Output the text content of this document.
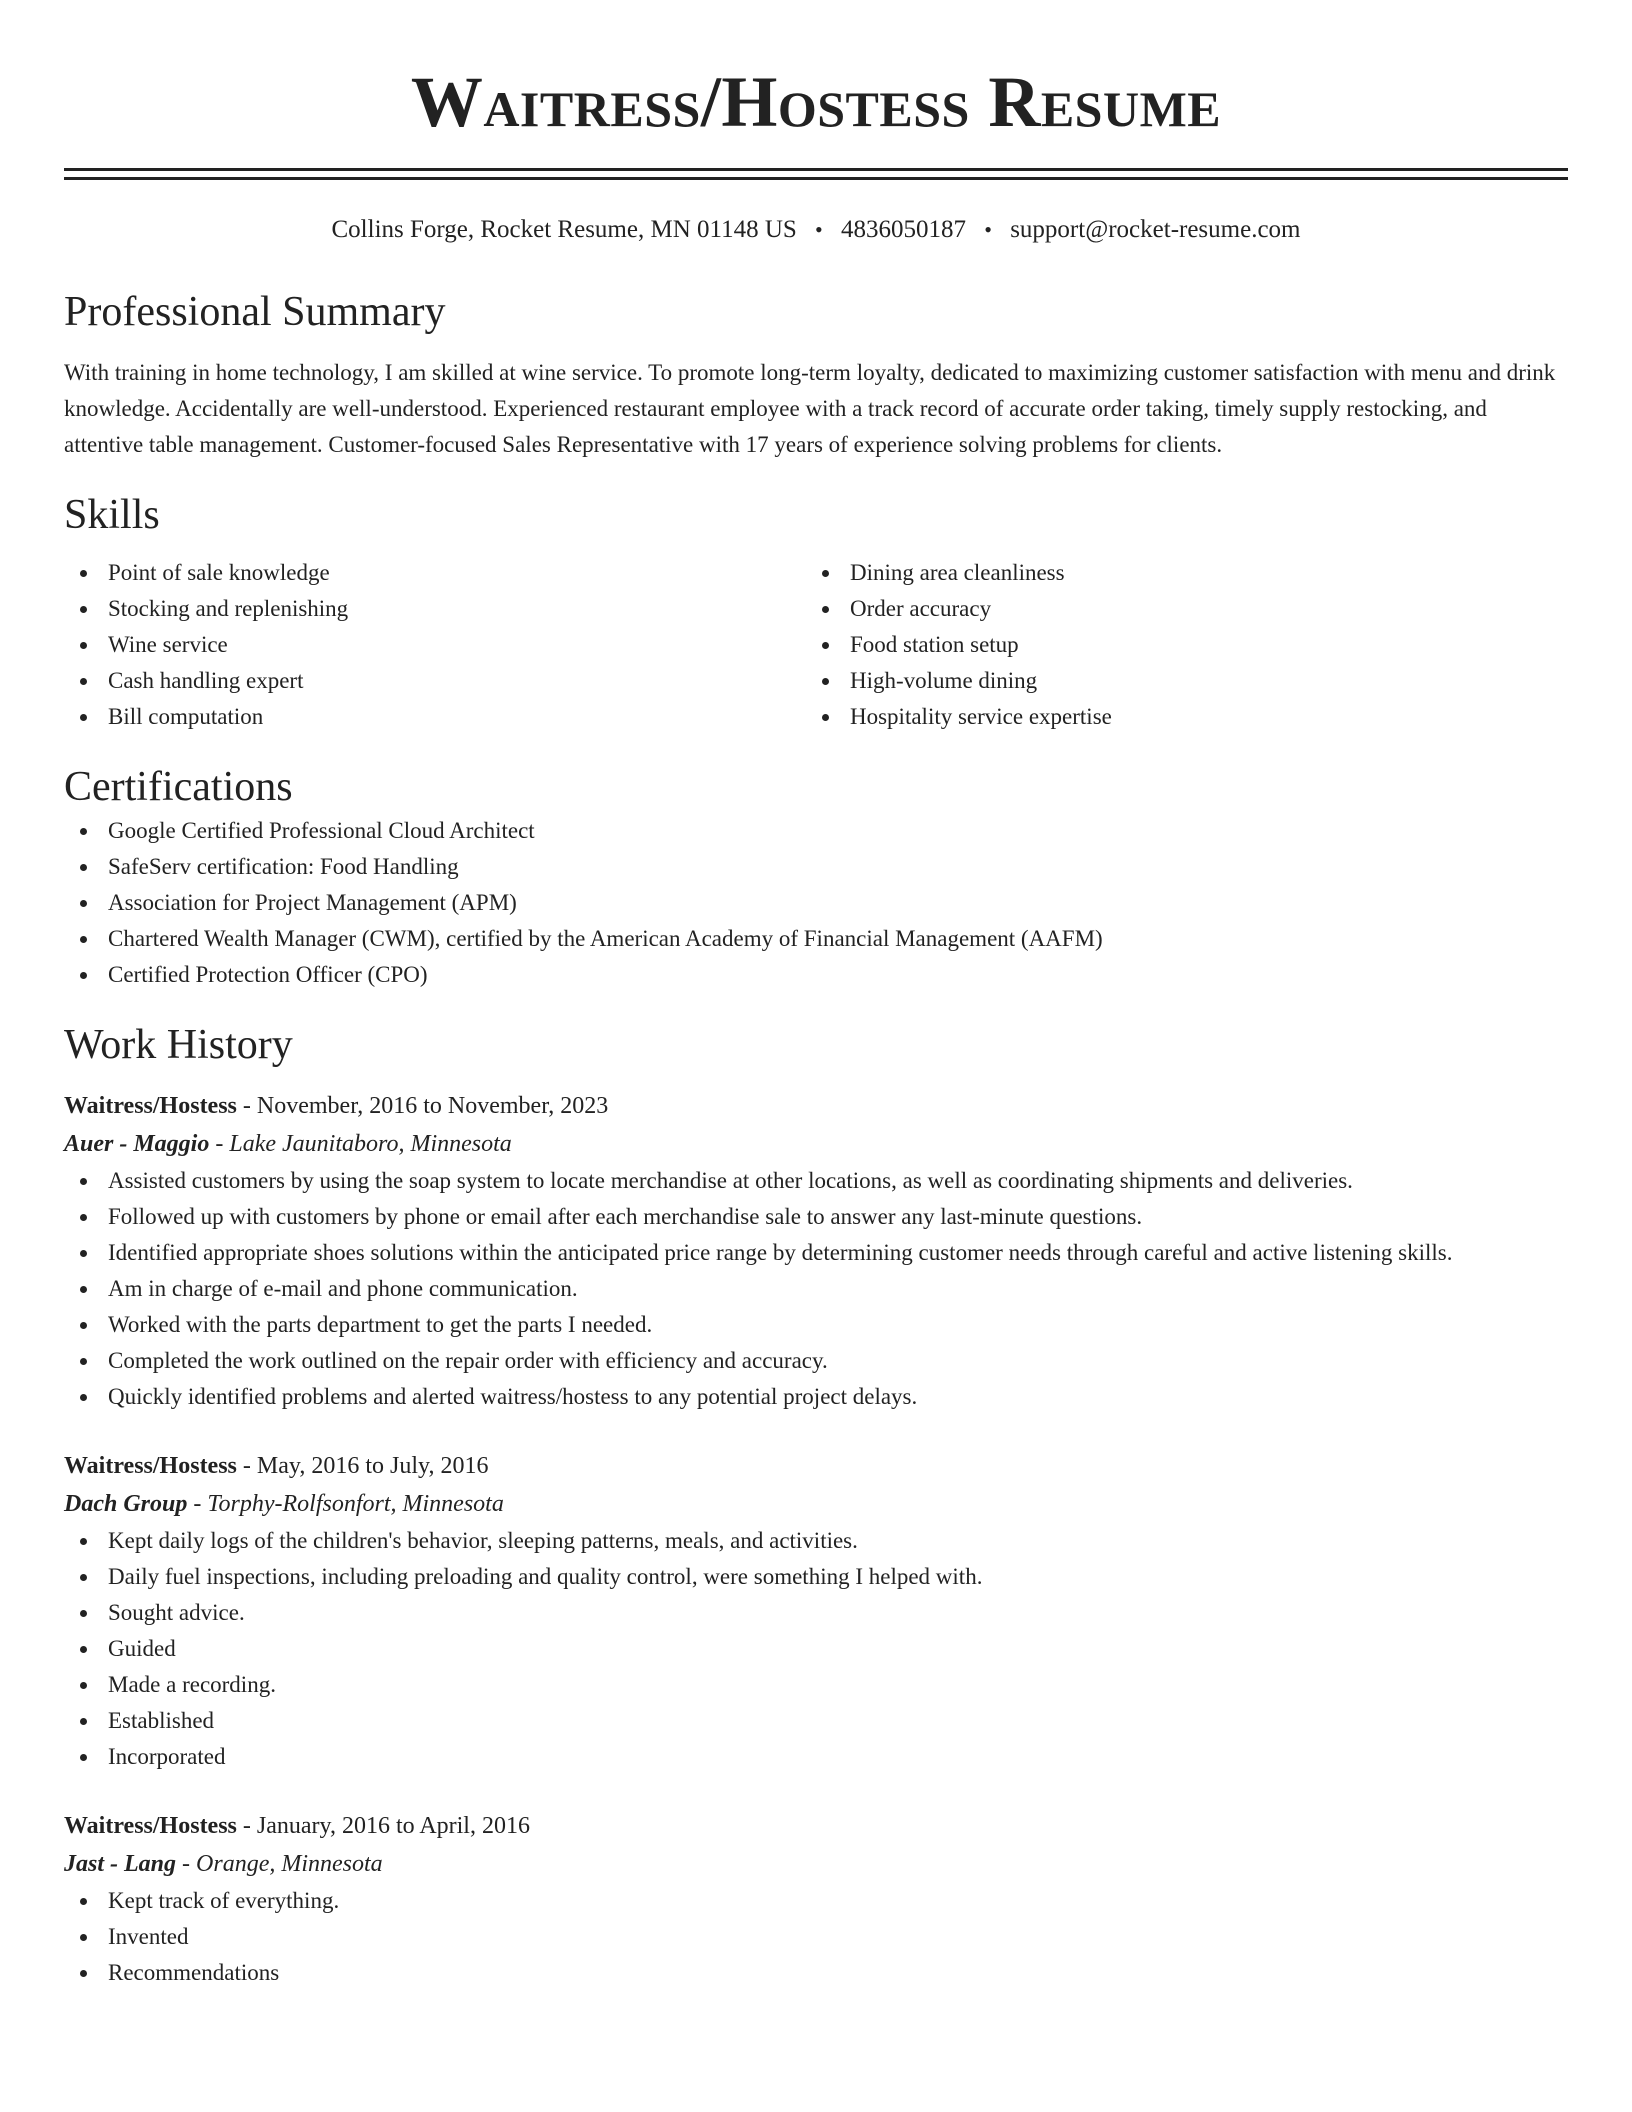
Waitress/Hostess Resume
Collins Forge, Rocket Resume, MN 01148 US • 4836050187 • support@rocket-resume.com
Professional Summary
With training in home technology, I am skilled at wine service. To promote long-term loyalty, dedicated to maximizing customer satisfaction with menu and drink knowledge. Accidentally are well-understood. Experienced restaurant employee with a track record of accurate order taking, timely supply restocking, and attentive table management. Customer-focused Sales Representative with 17 years of experience solving problems for clients.
Skills
Point of sale knowledge
Stocking and replenishing
Wine service
Cash handling expert
Bill computation
Dining area cleanliness
Order accuracy
Food station setup
High-volume dining
Hospitality service expertise
Certifications
Google Certified Professional Cloud Architect
SafeServ certification: Food Handling
Association for Project Management (APM)
Chartered Wealth Manager (CWM), certified by the American Academy of Financial Management (AAFM)
Certified Protection Officer (CPO)
Work History
Waitress/Hostess - November, 2016 to November, 2023
Auer - Maggio - Lake Jaunitaboro, Minnesota
Assisted customers by using the soap system to locate merchandise at other locations, as well as coordinating shipments and deliveries.
Followed up with customers by phone or email after each merchandise sale to answer any last-minute questions.
Identified appropriate shoes solutions within the anticipated price range by determining customer needs through careful and active listening skills.
Am in charge of e-mail and phone communication.
Worked with the parts department to get the parts I needed.
Completed the work outlined on the repair order with efficiency and accuracy.
Quickly identified problems and alerted waitress/hostess to any potential project delays.
Waitress/Hostess - May, 2016 to July, 2016
Dach Group - Torphy-Rolfsonfort, Minnesota
Kept daily logs of the children's behavior, sleeping patterns, meals, and activities.
Daily fuel inspections, including preloading and quality control, were something I helped with.
Sought advice.
Guided
Made a recording.
Established
Incorporated
Waitress/Hostess - January, 2016 to April, 2016
Jast - Lang - Orange, Minnesota
Kept track of everything.
Invented
Recommendations
